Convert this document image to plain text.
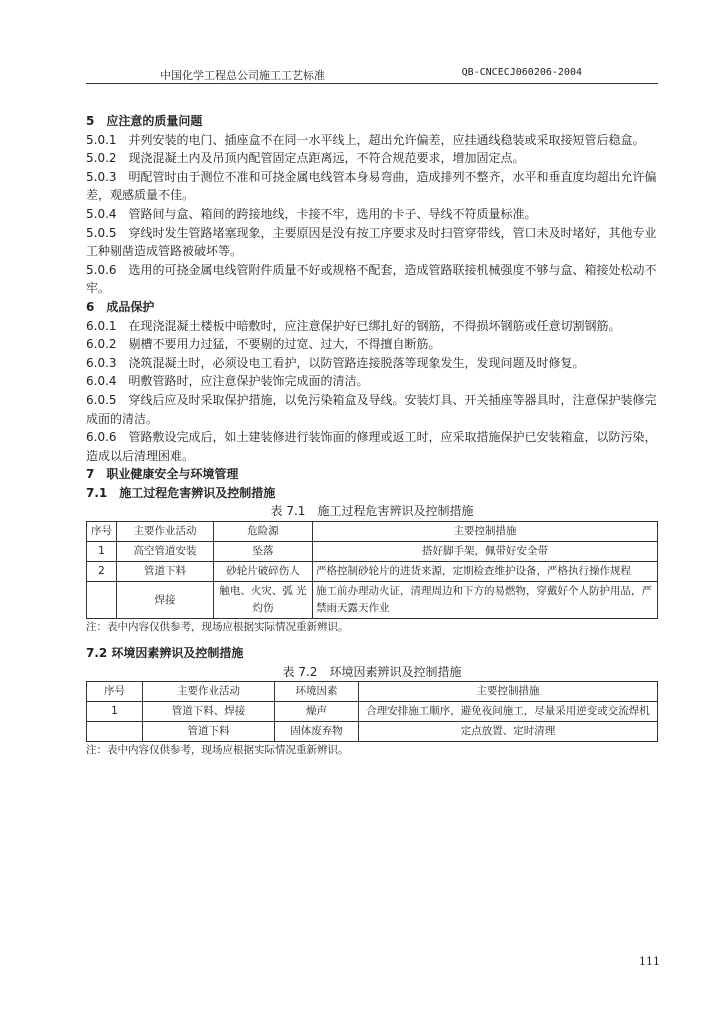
中国化学工程总公司施工工艺标准	QB-CNCECJ060206-2004

5　应注意的质量问题

5.0.1　并列安装的电门、插座盒不在同一水平线上，超出允许偏差，应挂通线稳装或采取接短管后稳盒。

5.0.2　现浇混凝土内及吊顶内配管固定点距离远，不符合规范要求，增加固定点。

5.0.3　明配管时由于测位不准和可挠金属电线管本身易弯曲，造成排列不整齐，水平和垂直度均超出允许偏差，观感质量不佳。

5.0.4　管路间与盒、箱间的跨接地线，卡接不牢，选用的卡子、导线不符质量标准。

5.0.5　穿线时发生管路堵塞现象，主要原因是没有按工序要求及时扫管穿带线，管口未及时堵好，其他专业工种剔凿造成管路被破坏等。

5.0.6　选用的可挠金属电线管附件质量不好或规格不配套，造成管路联接机械强度不够与盒、箱接处松动不牢。

6　成品保护

6.0.1　在现浇混凝土楼板中暗敷时，应注意保护好已绑扎好的钢筋，不得损坏钢筋或任意切割钢筋。

6.0.2　剔槽不要用力过猛，不要剔的过宽、过大，不得擅自断筋。

6.0.3　浇筑混凝土时，必须设电工看护，以防管路连接脱落等现象发生，发现问题及时修复。

6.0.4　明敷管路时，应注意保护装饰完成面的清洁。

6.0.5　穿线后应及时采取保护措施，以免污染箱盒及导线。安装灯具、开关插座等器具时，注意保护装修完成面的清洁。

6.0.6　管路敷设完成后，如土建装修进行装饰面的修理或返工时，应采取措施保护已安装箱盒，以防污染，造成以后清理困难。

7　职业健康安全与环境管理

7.1　施工过程危害辨识及控制措施

表 7.1　施工过程危害辨识及控制措施

序号	主要作业活动	危险源	主要控制措施
1	高空管道安装	坠落	搭好脚手架，佩带好安全带
2	管道下料	砂轮片破碎伤人	严格控制砂轮片的进货来源，定期检查维护设备，严格执行操作规程
	焊接	触电、火灾、弧 光灼伤	施工前办理动火证，清理周边和下方的易燃物，穿戴好个人防护用品，严禁雨天露天作业

注：表中内容仅供参考，现场应根据实际情况重新辨识。

7.2 环境因素辨识及控制措施

表 7.2　环境因素辨识及控制措施

序号	主要作业活动	环境因素	主要控制措施
1	管道下料、焊接	燥声	合理安排施工顺序，避免夜间施工，尽量采用逆变或交流焊机
	管道下料	固体废弃物	定点放置、定时清理

注：表中内容仅供参考，现场应根据实际情况重新辨识。

111
